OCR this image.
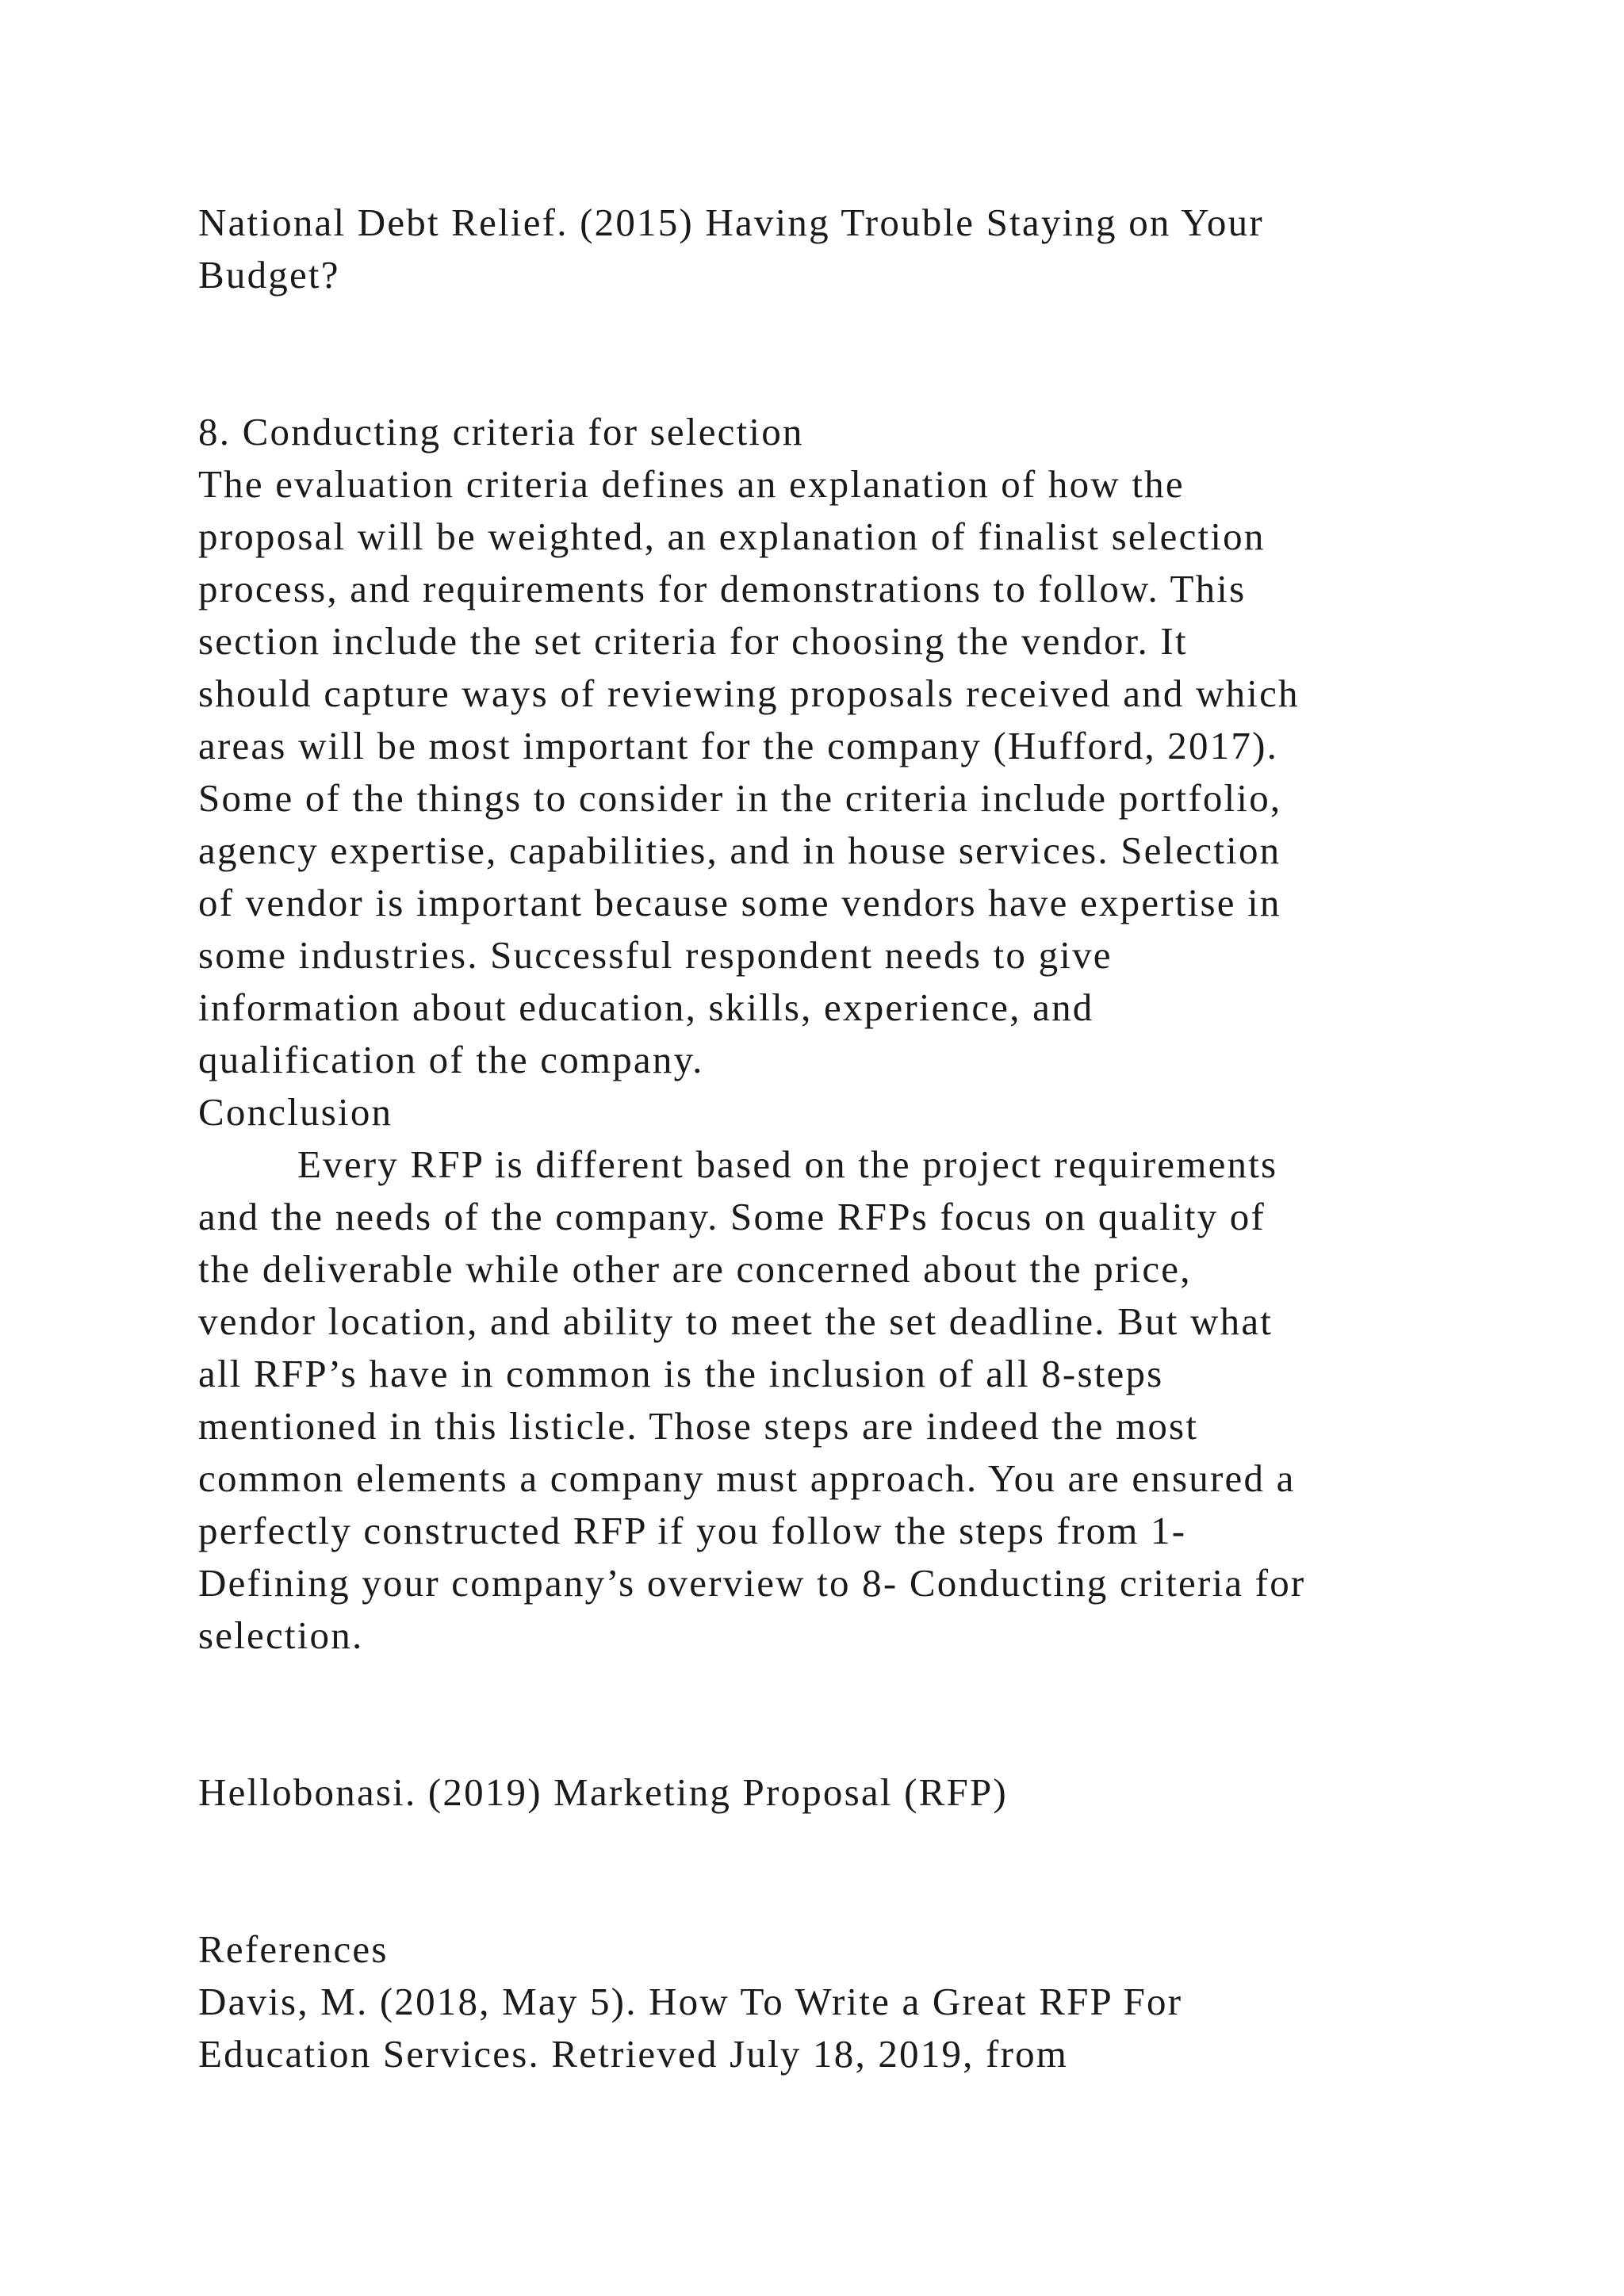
National Debt Relief. (2015) Having Trouble Staying on Your

Budget?

8. Conducting criteria for selection

The evaluation criteria defines an explanation of how the

proposal will be weighted, an explanation of finalist selection

process, and requirements for demonstrations to follow. This

section include the set criteria for choosing the vendor. It

should capture ways of reviewing proposals received and which

areas will be most important for the company (Hufford, 2017).

Some of the things to consider in the criteria include portfolio,

agency expertise, capabilities, and in house services. Selection

of vendor is important because some vendors have expertise in

some industries. Successful respondent needs to give

information about education, skills, experience, and

qualification of the company.

Conclusion

Every RFP is different based on the project requirements

and the needs of the company. Some RFPs focus on quality of

the deliverable while other are concerned about the price,

vendor location, and ability to meet the set deadline. But what

all RFP’s have in common is the inclusion of all 8-steps

mentioned in this listicle. Those steps are indeed the most

common elements a company must approach. You are ensured a

perfectly constructed RFP if you follow the steps from 1-

Defining your company’s overview to 8- Conducting criteria for

selection.

Hellobonasi. (2019) Marketing Proposal (RFP)

References

Davis, M. (2018, May 5). How To Write a Great RFP For

Education Services. Retrieved July 18, 2019, from
